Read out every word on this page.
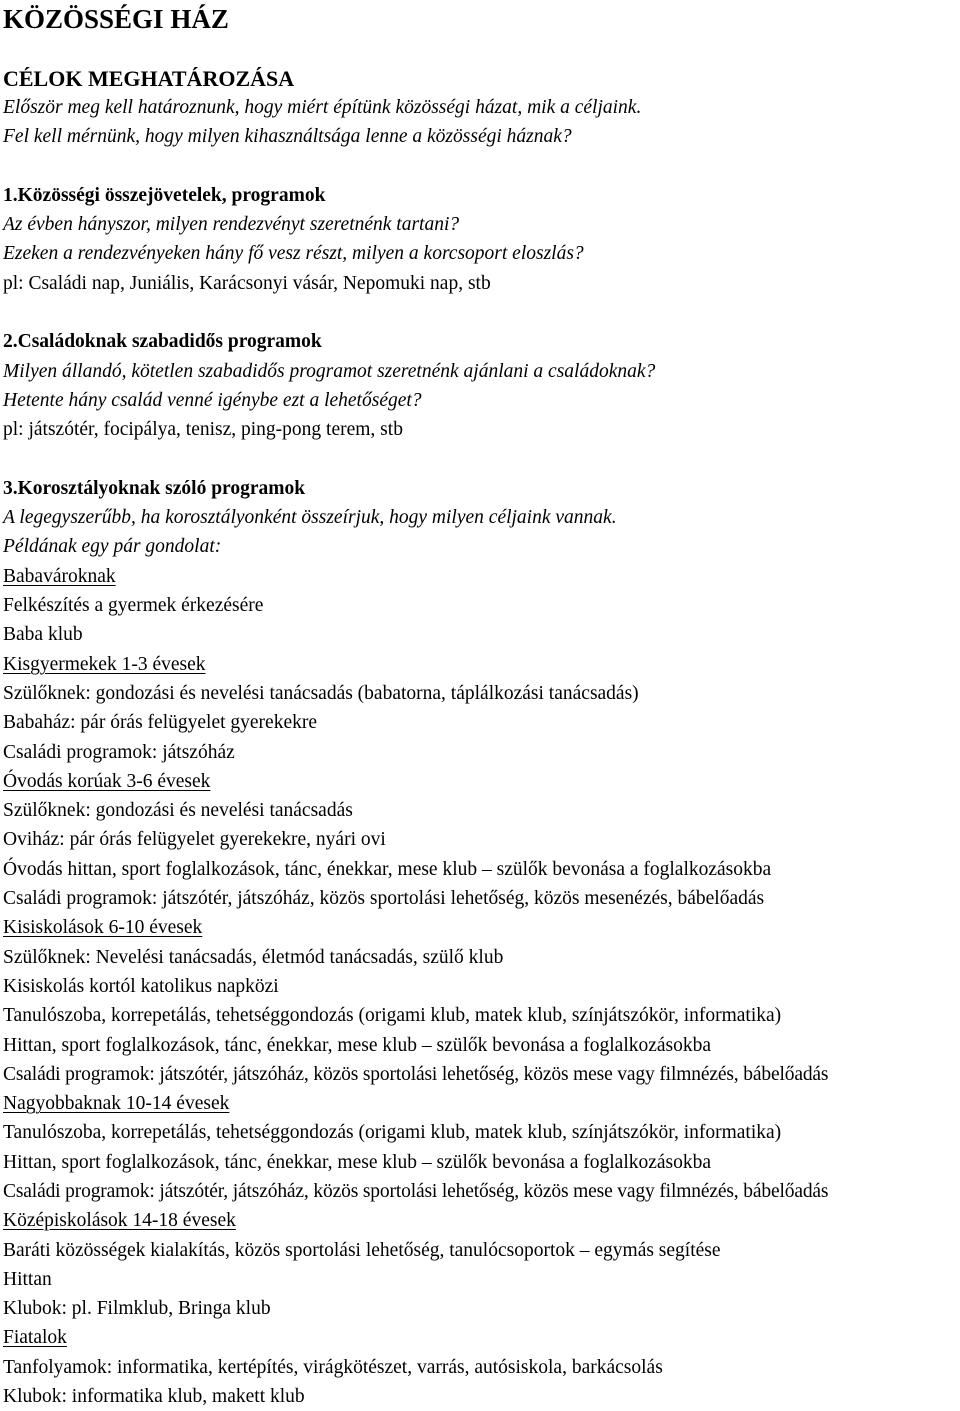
KÖZÖSSÉGI HÁZ
CÉLOK MEGHATÁROZÁSA
Először meg kell határoznunk, hogy miért építünk közösségi házat, mik a céljaink.
Fel kell mérnünk, hogy milyen kihasználtsága lenne a közösségi háznak?
1.Közösségi összejövetelek, programok
Az évben hányszor, milyen rendezvényt szeretnénk tartani?
Ezeken a rendezvényeken hány fő vesz részt, milyen a korcsoport eloszlás?
pl: Családi nap, Juniális, Karácsonyi vásár, Nepomuki nap, stb
2.Családoknak szabadidős programok
Milyen állandó, kötetlen szabadidős programot szeretnénk ajánlani a családoknak?
Hetente hány család venné igénybe ezt a lehetőséget?
pl: játszótér, focipálya, tenisz, ping-pong terem, stb
3.Korosztályoknak szóló programok
A legegyszerűbb, ha korosztályonként összeírjuk, hogy milyen céljaink vannak.
Példának egy pár gondolat:
Babavároknak
Felkészítés a gyermek érkezésére
Baba klub
Kisgyermekek 1-3 évesek
Szülőknek: gondozási és nevelési tanácsadás (babatorna, táplálkozási tanácsadás)
Babaház: pár órás felügyelet gyerekekre
Családi programok: játszóház
Óvodás korúak 3-6 évesek
Szülőknek: gondozási és nevelési tanácsadás
Oviház: pár órás felügyelet gyerekekre, nyári ovi
Óvodás hittan, sport foglalkozások, tánc, énekkar, mese klub – szülők bevonása a foglalkozásokba
Családi programok: játszótér, játszóház, közös sportolási lehetőség, közös mesenézés, bábelőadás
Kisiskolások 6-10 évesek
Szülőknek: Nevelési tanácsadás, életmód tanácsadás, szülő klub
Kisiskolás kortól katolikus napközi
Tanulószoba, korrepetálás, tehetséggondozás (origami klub, matek klub, színjátszókör, informatika)
Hittan, sport foglalkozások, tánc, énekkar, mese klub – szülők bevonása a foglalkozásokba
Családi programok: játszótér, játszóház, közös sportolási lehetőség, közös mese vagy filmnézés, bábelőadás
Nagyobbaknak 10-14 évesek
Tanulószoba, korrepetálás, tehetséggondozás (origami klub, matek klub, színjátszókör, informatika)
Hittan, sport foglalkozások, tánc, énekkar, mese klub – szülők bevonása a foglalkozásokba
Családi programok: játszótér, játszóház, közös sportolási lehetőség, közös mese vagy filmnézés, bábelőadás
Középiskolások 14-18 évesek
Baráti közösségek kialakítás, közös sportolási lehetőség, tanulócsoportok – egymás segítése
Hittan
Klubok: pl. Filmklub, Bringa klub
Fiatalok
Tanfolyamok: informatika, kertépítés, virágkötészet, varrás, autósiskola, barkácsolás
Klubok: informatika klub, makett klub
